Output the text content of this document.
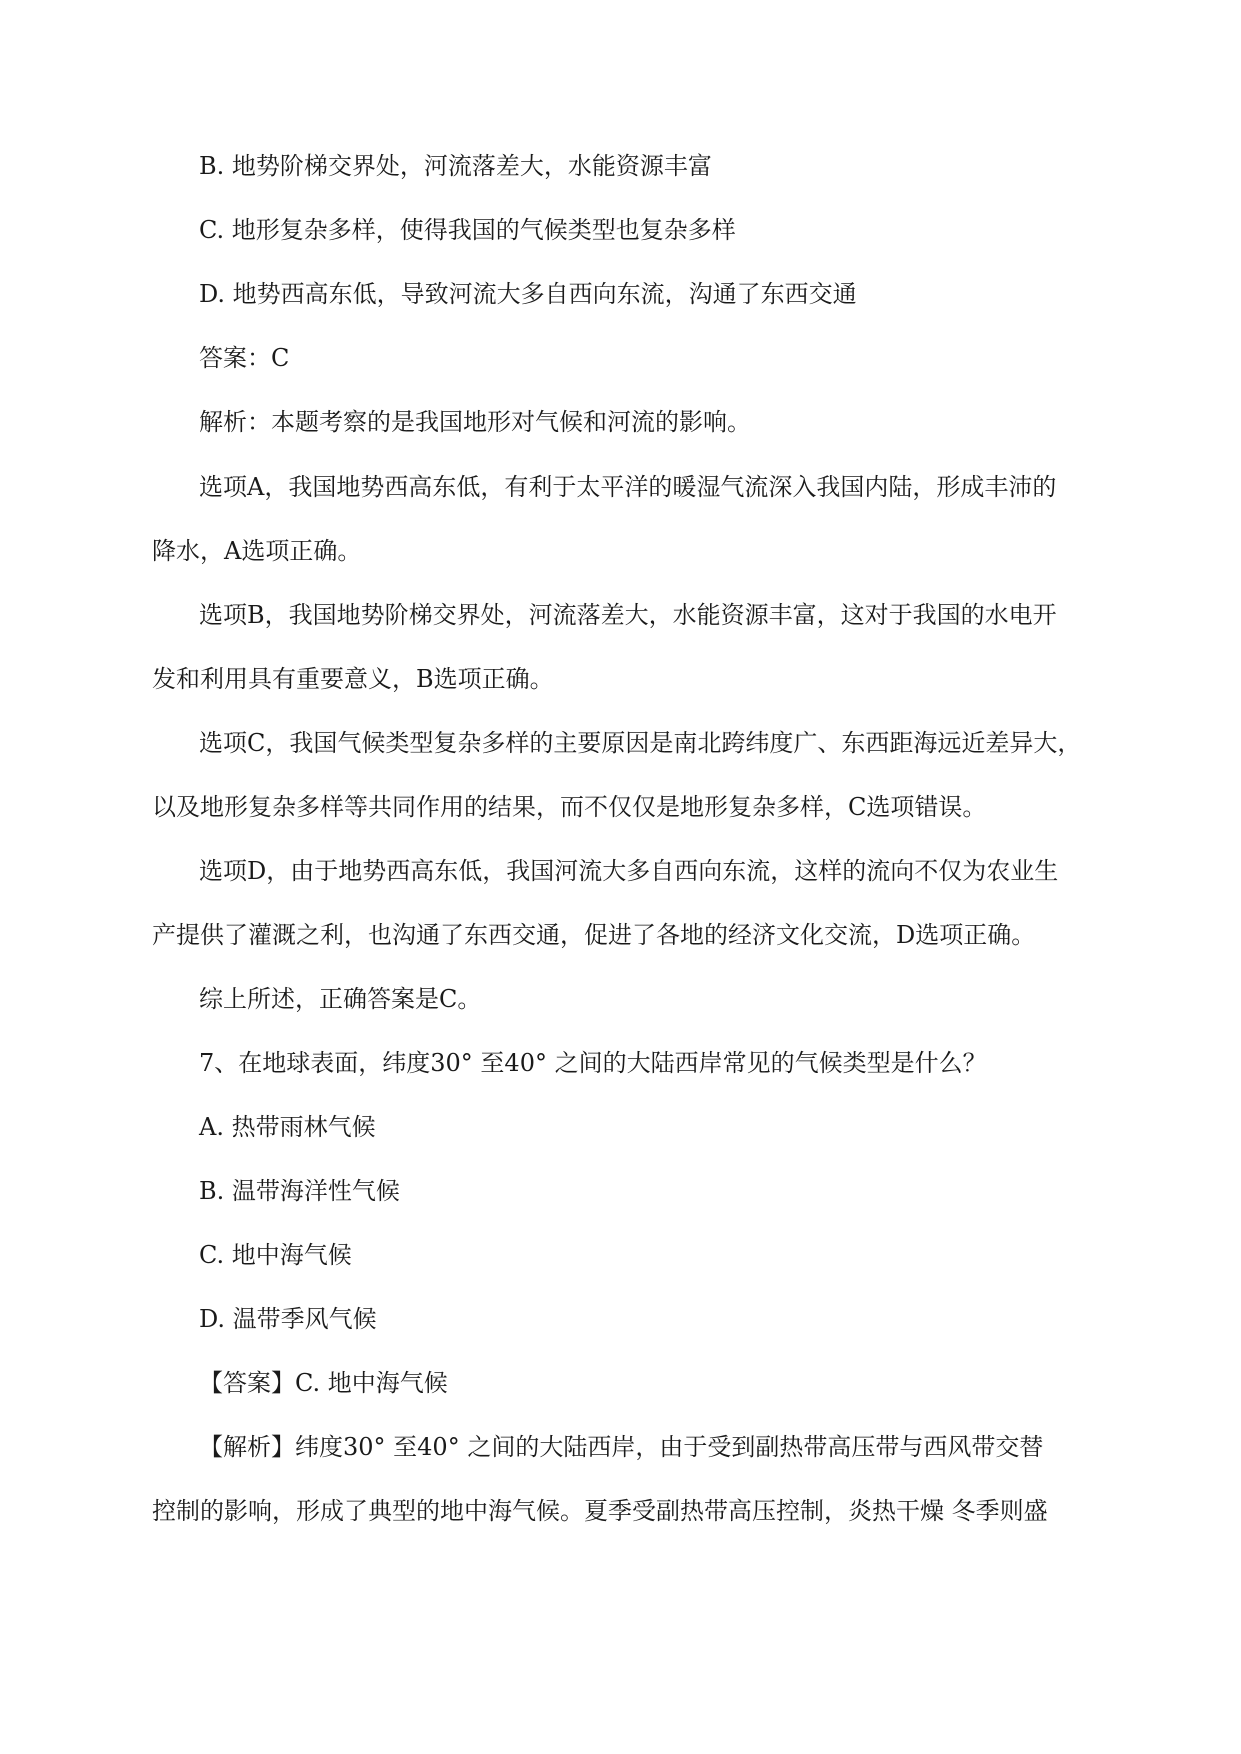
B. 地势阶梯交界处，河流落差大，水能资源丰富
C. 地形复杂多样，使得我国的气候类型也复杂多样
D. 地势西高东低，导致河流大多自西向东流，沟通了东西交通
答案：C
解析：本题考察的是我国地形对气候和河流的影响。
选项A，我国地势西高东低，有利于太平洋的暖湿气流深入我国内陆，形成丰沛的
降水，A选项正确。
选项B，我国地势阶梯交界处，河流落差大，水能资源丰富，这对于我国的水电开
发和利用具有重要意义，B选项正确。
选项C，我国气候类型复杂多样的主要原因是南北跨纬度广、东西距海远近差异大，
以及地形复杂多样等共同作用的结果，而不仅仅是地形复杂多样，C选项错误。
选项D，由于地势西高东低，我国河流大多自西向东流，这样的流向不仅为农业生
产提供了灌溉之利，也沟通了东西交通，促进了各地的经济文化交流，D选项正确。
综上所述，正确答案是C。
7、在地球表面，纬度30° 至40° 之间的大陆西岸常见的气候类型是什么？
A. 热带雨林气候
B. 温带海洋性气候
C. 地中海气候
D. 温带季风气候
【答案】C. 地中海气候
【解析】纬度30° 至40° 之间的大陆西岸，由于受到副热带高压带与西风带交替
控制的影响，形成了典型的地中海气候。夏季受副热带高压控制，炎热干燥 冬季则盛
